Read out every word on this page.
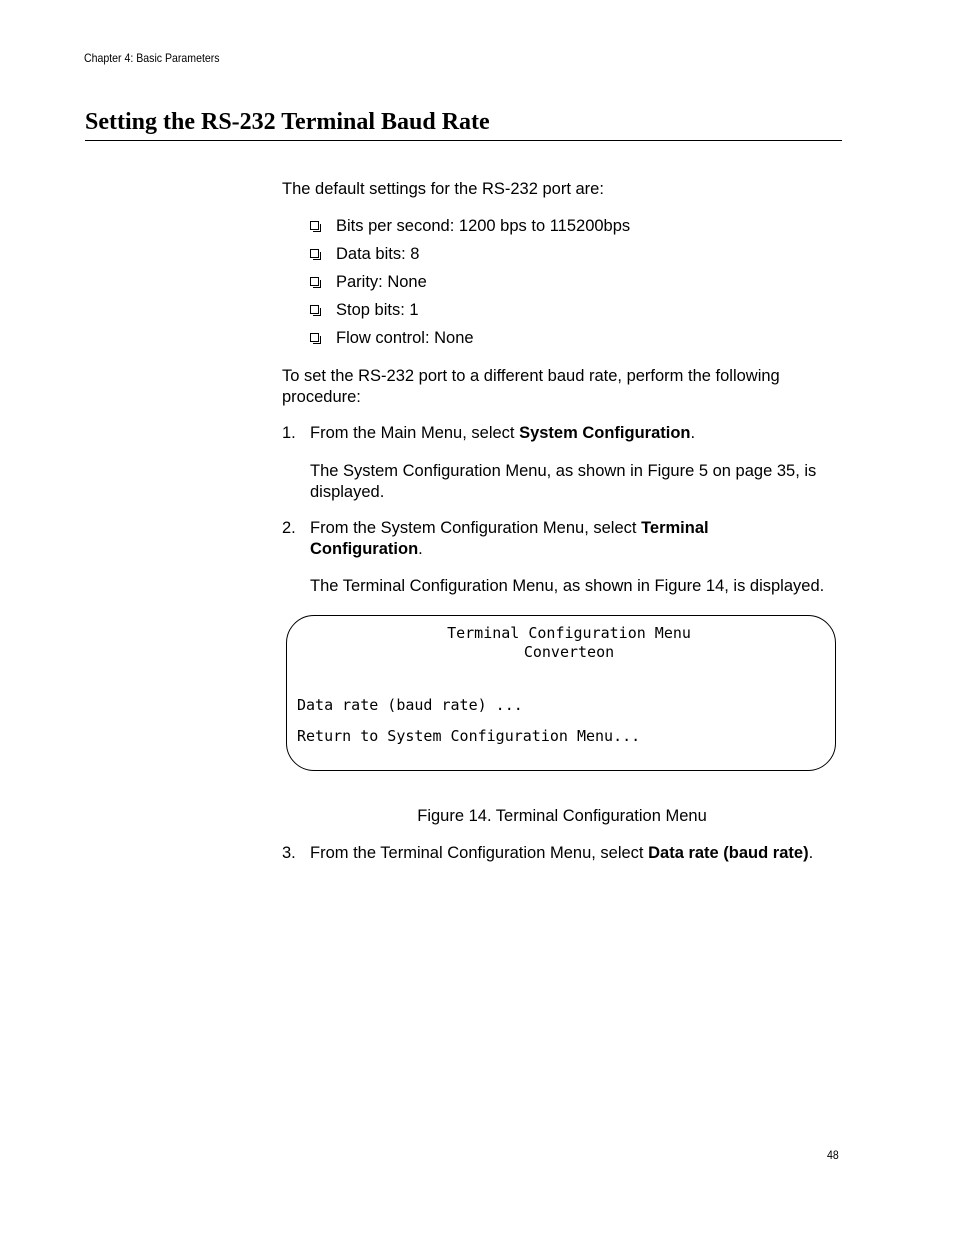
Chapter 4: Basic Parameters
Setting the RS-232 Terminal Baud Rate
The default settings for the RS-232 port are:
Bits per second: 1200 bps to 115200bps
Data bits: 8
Parity: None
Stop bits: 1
Flow control: None
To set the RS-232 port to a different baud rate, perform the following procedure:
1. From the Main Menu, select System Configuration.
The System Configuration Menu, as shown in Figure 5 on page 35, is displayed.
2. From the System Configuration Menu, select Terminal Configuration.
The Terminal Configuration Menu, as shown in Figure 14, is displayed.
Terminal Configuration Menu
Converteon
Data rate (baud rate) ...
Return to System Configuration Menu...
Figure 14. Terminal Configuration Menu
3. From the Terminal Configuration Menu, select Data rate (baud rate).
48
